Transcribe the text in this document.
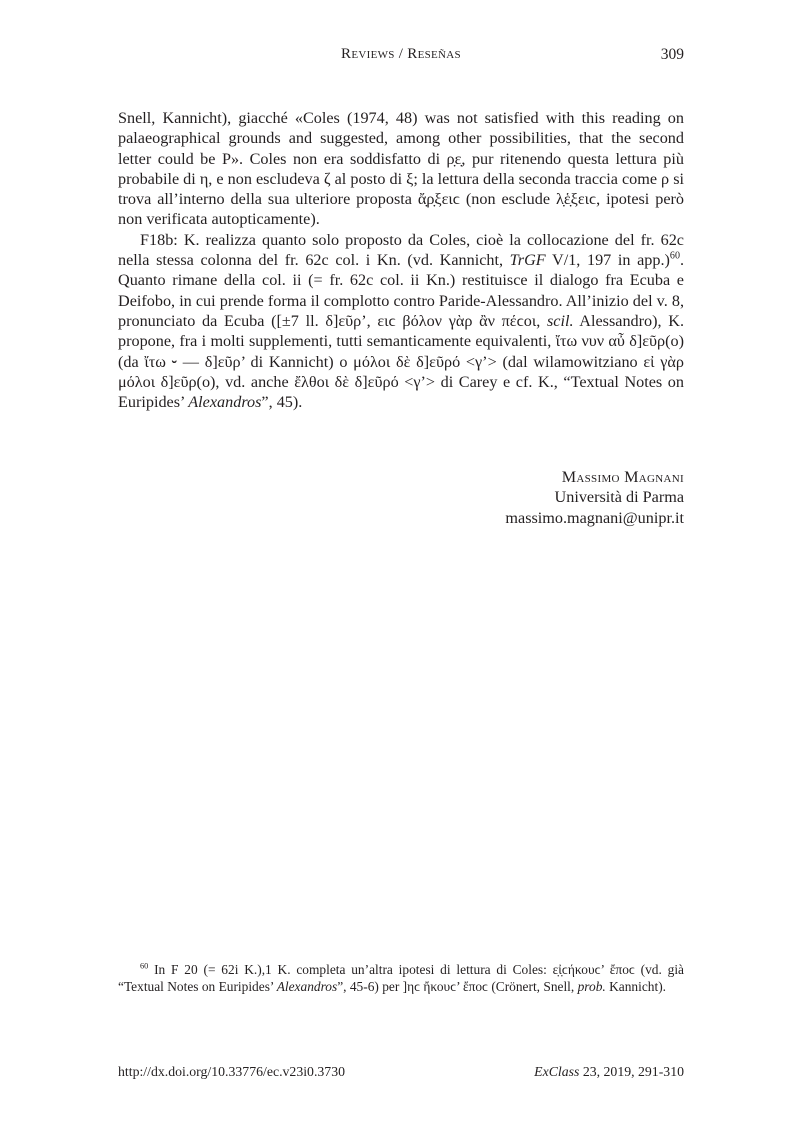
Reviews / Reseñas	309

Snell, Kannicht), giacché «Coles (1974, 48) was not satisfied with this reading on palaeographical grounds and suggested, among other possibilities, that the second letter could be P». Coles non era soddisfatto di ρ̣ε̣, pur ritenendo questa lettura più probabile di η, e non escludeva ζ al posto di ξ; la lettura della seconda traccia come ρ si trova all’interno della sua ulteriore proposta ἄ̣ρ̣ξειϲ (non esclude λ̣ἑ̣ξειϲ, ipotesi però non verificata autopticamente).

F18b: K. realizza quanto solo proposto da Coles, cioè la collocazione del fr. 62c nella stessa colonna del fr. 62c col. i Kn. (vd. Kannicht, TrGF V/1, 197 in app.)$^{60}$. Quanto rimane della col. ii (= fr. 62c col. ii Kn.) restituisce il dialogo fra Ecuba e Deifobo, in cui prende forma il complotto contro Paride-Alessandro. All’inizio del v. 8, pronunciato da Ecuba ([±7 ll. δ]εῦρ’, ειϲ βόλον γὰρ ἂν πέϲοι, scil. Alessandro), K. propone, fra i molti supplementi, tutti semanticamente equivalenti, ἴτω νυν αὖ δ]εῦρ(ο) (da ἴτω ⏑ — δ]εῦρ’ di Kannicht) ο μόλοι δὲ δ]εῦρό <γ’> (dal wilamowitziano εἰ γὰρ μόλοι δ]εῦρ(ο), vd. anche ἔλθοι δὲ δ]εῦρό <γ’> di Carey e cf. K., “Textual Notes on Euripides’ Alexandros”, 45).

Massimo Magnani
Università di Parma
massimo.magnani@unipr.it

$^{60}$ In F 20 (= 62i K.),1 K. completa un’altra ipotesi di lettura di Coles: ε̣ἰ̣ϲήκουϲ’ ἔποϲ (vd. già “Textual Notes on Euripides’ Alexandros”, 45-6) per ]ηϲ ἤκουϲ’ ἔποϲ (Crönert, Snell, prob. Kannicht).

http://dx.doi.org/10.33776/ec.v23i0.3730	ExClass 23, 2019, 291-310
